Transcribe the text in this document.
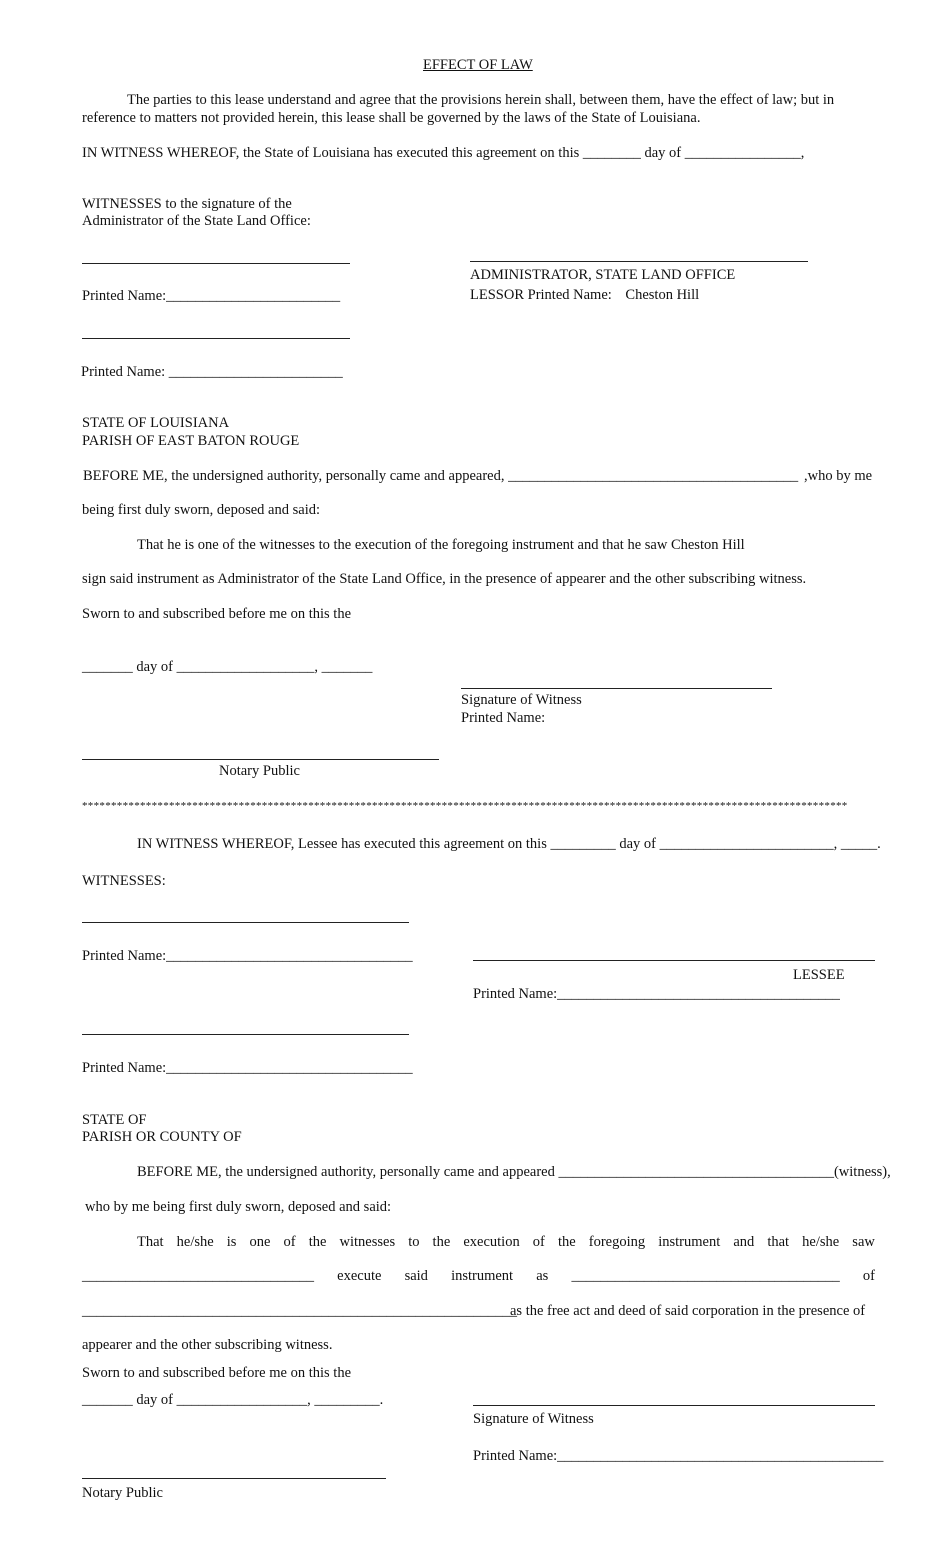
EFFECT OF LAW
The parties to this lease understand and agree that the provisions herein shall, between them, have the effect of law; but in
reference to matters not provided herein, this lease shall be governed by the laws of the State of Louisiana.
IN WITNESS WHEREOF, the State of Louisiana has executed this agreement on this ________ day of ________________,
WITNESSES to the signature of the
Administrator of the State Land Office:
Printed Name:________________________
ADMINISTRATOR, STATE LAND OFFICE
LESSOR Printed Name: Cheston Hill
Printed Name: ________________________
STATE OF LOUISIANA
PARISH OF EAST BATON ROUGE
BEFORE ME, the undersigned authority, personally came and appeared, ________________________________________ ,who by me
being first duly sworn, deposed and said:
That he is one of the witnesses to the execution of the foregoing instrument and that he saw Cheston Hill
sign said instrument as Administrator of the State Land Office, in the presence of appearer and the other subscribing witness.
Sworn to and subscribed before me on this the
_______ day of ___________________, _______
Signature of Witness
Printed Name:
Notary Public
************************************************************************************************************************************
IN WITNESS WHEREOF, Lessee has executed this agreement on this _________ day of ________________________, _____.
WITNESSES:
Printed Name:__________________________________
LESSEE
Printed Name:_______________________________________
Printed Name:__________________________________
STATE OF
PARISH OR COUNTY OF
BEFORE ME, the undersigned authority, personally came and appeared ______________________________________(witness),
who by me being first duly sworn, deposed and said:
That he/she is one of the witnesses to the execution of the foregoing instrument and that he/she saw
________________________________ execute said instrument as _____________________________________ of
____________________________________________________________
as the free act and deed of said corporation in the presence of
appearer and the other subscribing witness.
Sworn to and subscribed before me on this the
_______ day of __________________, _________.
Signature of Witness
Printed Name:_____________________________________________
Notary Public
